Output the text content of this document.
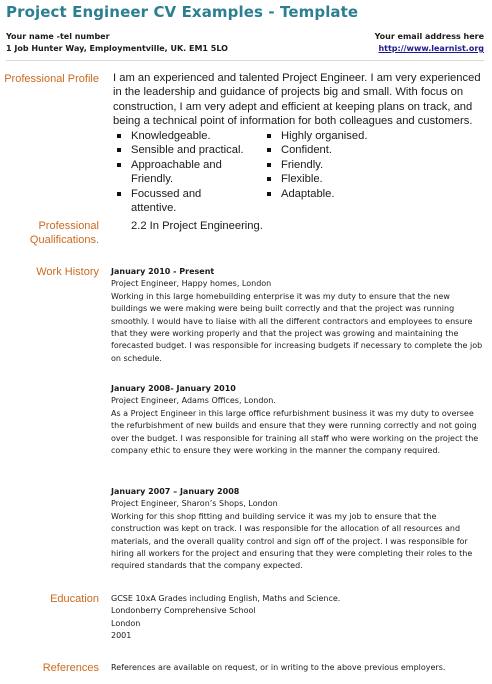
Project Engineer CV Examples - Template
Your name -tel number
1 Job Hunter Way, Employmentville, UK. EM1 5LO
Your email address here
http://www.learnist.org
Professional Profile I am an experienced and talented Project Engineer. I am very experienced in the leadership and guidance of projects big and small. With focus on construction, I am very adept and efficient at keeping plans on track, and being a technical point of information for both colleagues and customers.
Knowledgeable.
Sensible and practical.
Approachable and Friendly.
Focussed and attentive.
Highly organised.
Confident.
Friendly.
Flexible.
Adaptable.
Professional
Qualifications.
2.2 In Project Engineering.
Work History January 2010 - Present
Project Engineer, Happy homes, London
Working in this large homebuilding enterprise it was my duty to ensure that the new buildings we were making were being built correctly and that the project was running smoothly. I would have to liaise with all the different contractors and employees to ensure that they were working properly and that the project was growing and maintaining the forecasted budget. I was responsible for increasing budgets if necessary to complete the job on schedule.
January 2008- January 2010
Project Engineer, Adams Offices, London.
As a Project Engineer in this large office refurbishment business it was my duty to oversee the refurbishment of new builds and ensure that they were running correctly and not going over the budget. I was responsible for training all staff who were working on the project the company ethic to ensure they were working in the manner the company required.
January 2007 – January 2008
Project Engineer, Sharon’s Shops, London
Working for this shop fitting and building service it was my job to ensure that the construction was kept on track. I was responsible for the allocation of all resources and materials, and the overall quality control and sign off of the project. I was responsible for hiring all workers for the project and ensuring that they were completing their roles to the required standards that the company expected.
Education GCSE 10xA Grades including English, Maths and Science.
Londonberry Comprehensive School
London
2001
References References are available on request, or in writing to the above previous employers.
